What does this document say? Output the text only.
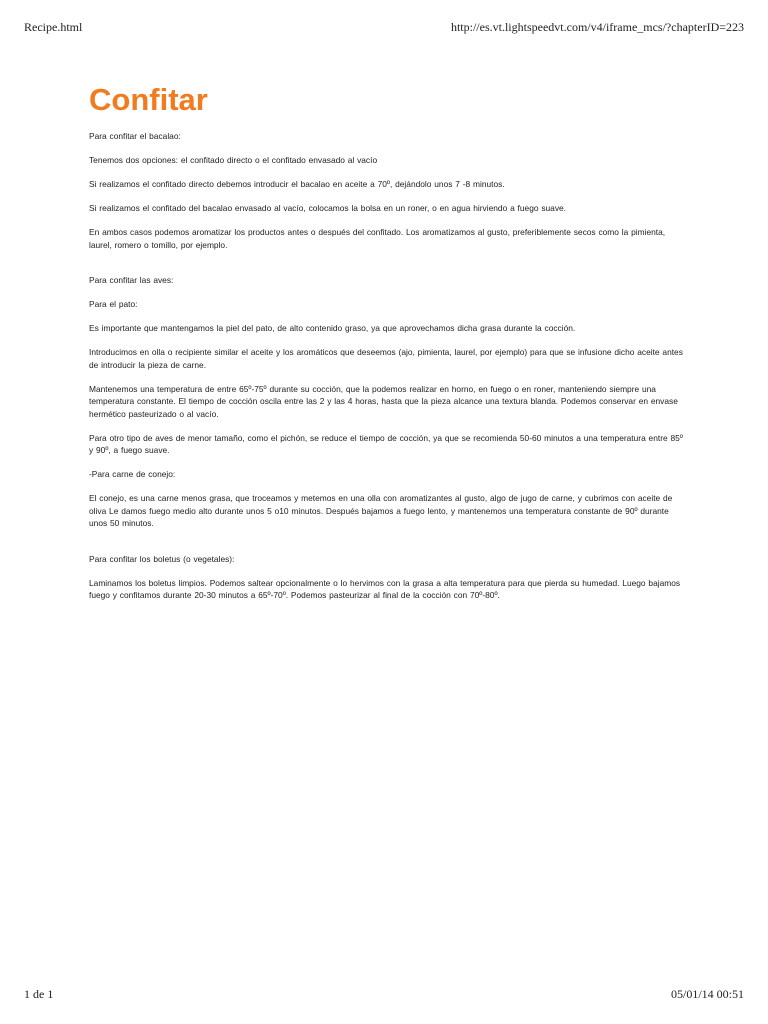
Recipe.html	http://es.vt.lightspeedvt.com/v4/iframe_mcs/?chapterID=223
Confitar

Para confitar el bacalao:

Tenemos dos opciones: el confitado directo o el confitado envasado al vacío

Si realizamos el confitado directo debemos introducir el bacalao en aceite a 70º, dejándolo unos 7 -8 minutos.

Si realizamos el confitado del bacalao envasado al vacío, colocamos la bolsa en un roner, o en agua hirviendo a fuego suave.

En ambos casos podemos aromatizar los productos antes o después del confitado. Los aromatizamos al gusto, preferiblemente secos como la pimienta, laurel, romero o tomillo, por ejemplo.

Para confitar las aves:

Para el pato:

Es importante que mantengamos la piel del pato, de alto contenido graso, ya que aprovechamos dicha grasa durante la cocción.

Introducimos en olla o recipiente similar el aceite y los aromáticos que deseemos (ajo, pimienta, laurel, por ejemplo) para que se infusione dicho aceite antes de introducir la pieza de carne.

Mantenemos una temperatura de entre 65º-75º durante su cocción, que la podemos realizar en horno, en fuego o en roner, manteniendo siempre una temperatura constante. El tiempo de cocción oscila entre las 2 y las 4 horas, hasta que la pieza alcance una textura blanda. Podemos conservar en envase hermético pasteurizado o al vacío.

Para otro tipo de aves de menor tamaño, como el pichón, se reduce el tiempo de cocción, ya que se recomienda 50-60 minutos a una temperatura entre 85º y 90º, a fuego suave.

-Para carne de conejo:

El conejo, es una carne menos grasa, que troceamos y metemos en una olla con aromatizantes al gusto, algo de jugo de carne, y cubrimos con aceite de oliva Le damos fuego medio alto durante unos 5 o10 minutos. Después bajamos a fuego lento, y mantenemos una temperatura constante de 90º durante unos 50 minutos.

Para confitar los boletus (o vegetales):

Laminamos los boletus limpios. Podemos saltear opcionalmente o lo hervimos con la grasa a alta temperatura para que pierda su humedad. Luego bajamos fuego y confitamos durante 20-30 minutos a 65º-70º. Podemos pasteurizar al final de la cocción con 70º-80º.

1 de 1	05/01/14 00:51
